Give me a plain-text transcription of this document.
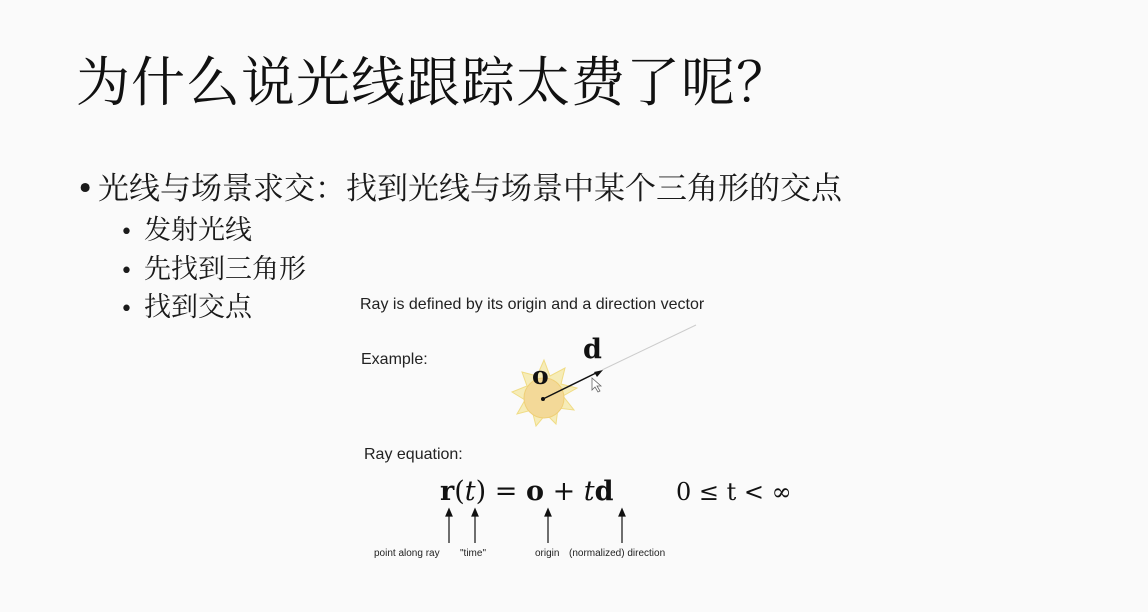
为什么说光线跟踪太费了呢？
• 光线与场景求交：找到光线与场景中某个三角形的交点
• 发射光线
• 先找到三角形
• 找到交点	Ray is defined by its origin and a direction vector
Example:
o
d
Ray equation:
r(t) = o + td	0 ≤ t < ∞
point along ray "time"	origin (normalized) direction
